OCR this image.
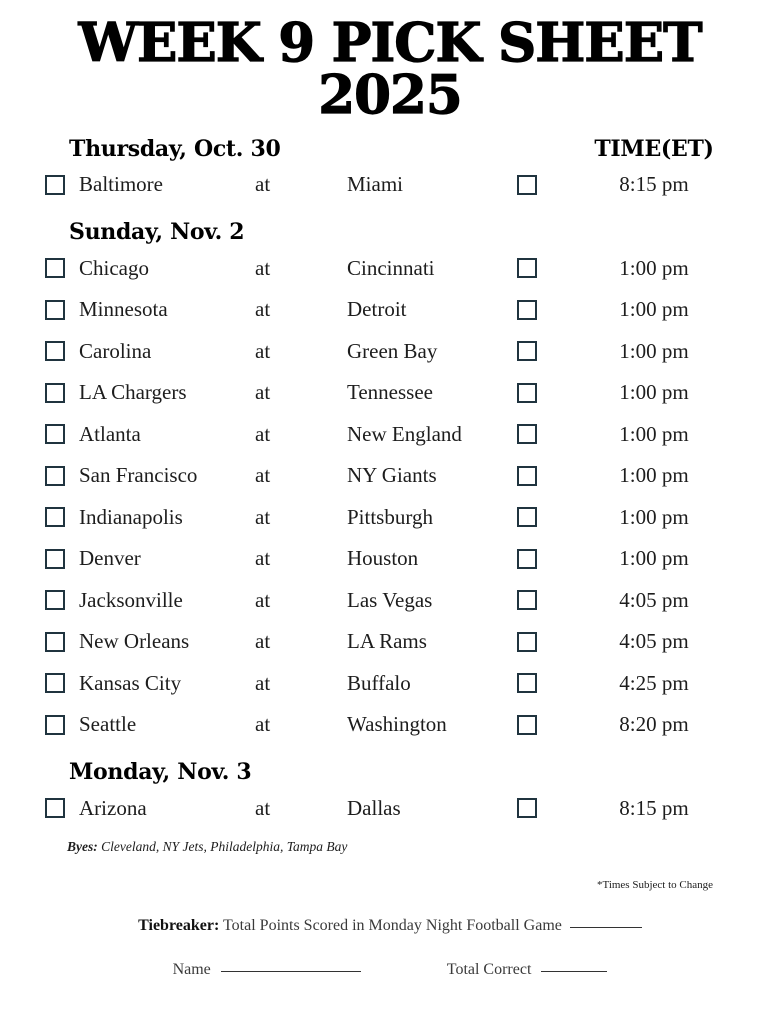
WEEK 9 PICK SHEET
2025
Thursday, Oct. 30	TIME(ET)
Baltimore	at	Miami	8:15 pm
Sunday, Nov. 2
Chicago	at	Cincinnati	1:00 pm
Minnesota	at	Detroit	1:00 pm
Carolina	at	Green Bay	1:00 pm
LA Chargers	at	Tennessee	1:00 pm
Atlanta	at	New England	1:00 pm
San Francisco	at	NY Giants	1:00 pm
Indianapolis	at	Pittsburgh	1:00 pm
Denver	at	Houston	1:00 pm
Jacksonville	at	Las Vegas	4:05 pm
New Orleans	at	LA Rams	4:05 pm
Kansas City	at	Buffalo	4:25 pm
Seattle	at	Washington	8:20 pm
Monday, Nov. 3
Arizona	at	Dallas	8:15 pm
Byes: Cleveland, NY Jets, Philadelphia, Tampa Bay
*Times Subject to Change
Tiebreaker: Total Points Scored in Monday Night Football Game
Name	Total Correct
